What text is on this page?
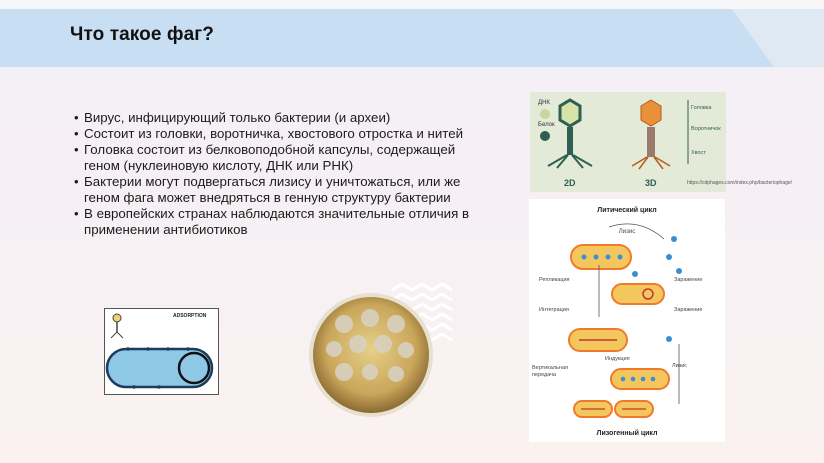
Что такое фаг?
• Вирус, инфицирующий только бактерии (и археи)
• Состоит из головки, воротничка, хвостового отростка и нитей
• Головка состоит из белковоподобной капсулы, содержащей геном (нуклеиновую кислоту, ДНК или РНК)
• Бактерии могут подвергаться лизису и уничтожаться, или же геном фага может внедряться в генную структуру бактерии
• В европейских странах наблюдаются значительные отличия в применении антибиотиков
ДНК
Белок
2D	3D
Головка
Воротничок
Хвост
https://cdphages.com/index.php/bacteriophage/
ADSORPTION
Литический цикл
Лизис
Репликация	Заражение
Интеграция	Заражение
Индукция
Лизис
Вертикальная
передача
Лизогенный цикл
